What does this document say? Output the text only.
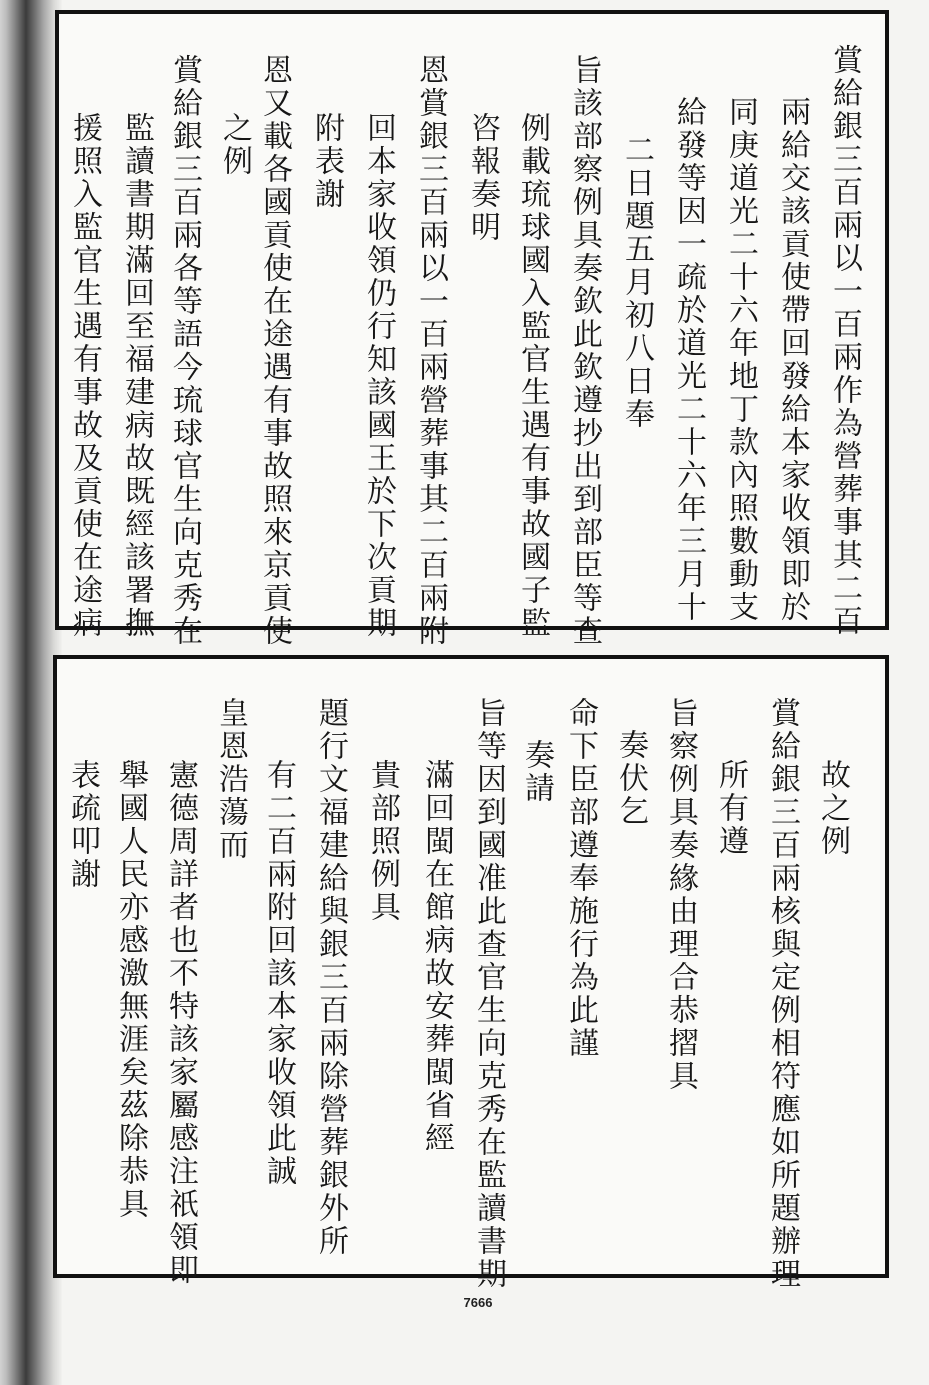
賞給銀三百兩以一百兩作為營葬事其二百
兩給交該貢使帶回發給本家收領即於
同庚道光二十六年地丁款內照數動支
給發等因一疏於道光二十六年三月十
二日題五月初八日奉
旨該部察例具奏欽此欽遵抄出到部臣等查
例載琉球國入監官生遇有事故國子監
咨報奏明
恩賞銀三百兩以一百兩營葬事其二百兩附
回本家收領仍行知該國王於下次貢期
附表謝
恩又載各國貢使在途遇有事故照來京貢使
之例
賞給銀三百兩各等語今琉球官生向克秀在
監讀書期滿回至福建病故既經該署撫
援照入監官生遇有事故及貢使在途病
故之例
賞給銀三百兩核與定例相符應如所題辦理
所有遵
旨察例具奏緣由理合恭摺具
奏伏乞
命下臣部遵奉施行為此謹
奏請
旨等因到國准此查官生向克秀在監讀書期
滿回閩在館病故安葬閩省經
貴部照例具
題行文福建給與銀三百兩除營葬銀外所
有二百兩附回該本家收領此誠
皇恩浩蕩而
憲德周詳者也不特該家屬感注祇領即
舉國人民亦感激無涯矣茲除恭具
表疏叩謝
7666
